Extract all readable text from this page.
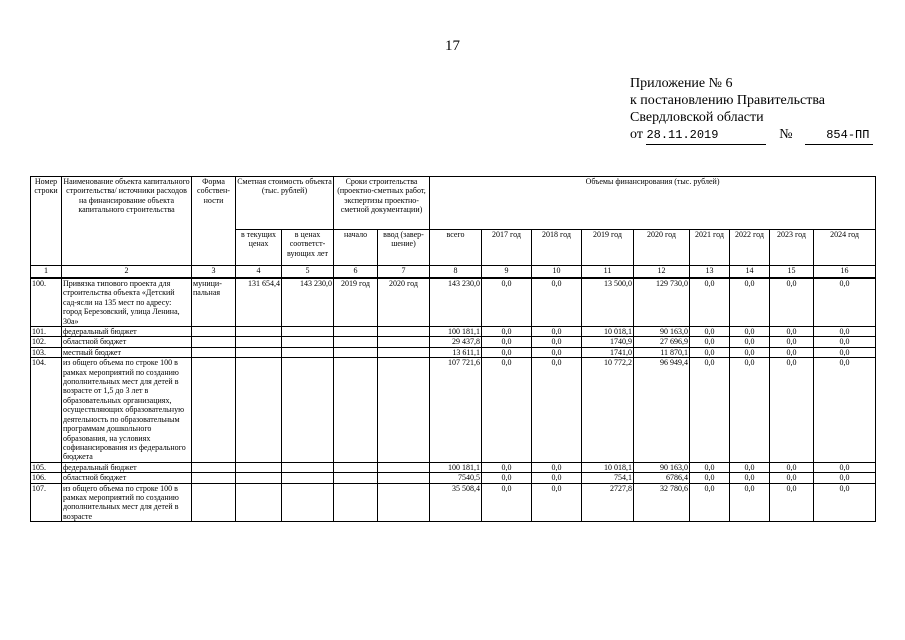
17
Приложение № 6
к постановлению Правительства
Свердловской области
от 28.11.2019	№	854-ПП
Номер строки	Наименование объекта капитального строительства/ источники расходов на финансирование объекта капитального строительства	Форма собствен- ности	Сметная стоимость объекта (тыс. рублей)		Сроки строительства (проектно-сметных работ, экспертизы проектно-сметной документации)		Объемы финансирования (тыс. рублей)								
			в текущих ценах	в ценах соответст- вующих лет	начало	ввод (завер- шение)	всего	2017 год	2018 год	2019 год	2020 год	2021 год	2022 год	2023 год	2024 год
1	2	3	4	5	6	7	8	9	10	11	12	13	14	15	16
100.	Привязка типового проекта для строительства объекта «Детский сад-ясли на 135 мест по адресу: город Березовский, улица Ленина, 30а»	муници- пальная	131 654,4	143 230,0	2019 год	2020 год	143 230,0	0,0	0,0	13 500,0	129 730,0	0,0	0,0	0,0	0,0
101.	федеральный бюджет						100 181,1	0,0	0,0	10 018,1	90 163,0	0,0	0,0	0,0	0,0
102.	областной бюджет						29 437,8	0,0	0,0	1740,9	27 696,9	0,0	0,0	0,0	0,0
103.	местный бюджет						13 611,1	0,0	0,0	1741,0	11 870,1	0,0	0,0	0,0	0,0
104.	из общего объема по строке 100 в рамках мероприятий по созданию дополнительных мест для детей в возрасте от 1,5 до 3 лет в образовательных организациях, осуществляющих образовательную деятельность по образовательным программам дошкольного образования, на условиях софинансирования из федерального бюджета						107 721,6	0,0	0,0	10 772,2	96 949,4	0,0	0,0	0,0	0,0
105.	федеральный бюджет						100 181,1	0,0	0,0	10 018,1	90 163,0	0,0	0,0	0,0	0,0
106.	областной бюджет						7540,5	0,0	0,0	754,1	6786,4	0,0	0,0	0,0	0,0
107.	из общего объема по строке 100 в рамках мероприятий по созданию дополнительных мест для детей в возрасте						35 508,4	0,0	0,0	2727,8	32 780,6	0,0	0,0	0,0	0,0
